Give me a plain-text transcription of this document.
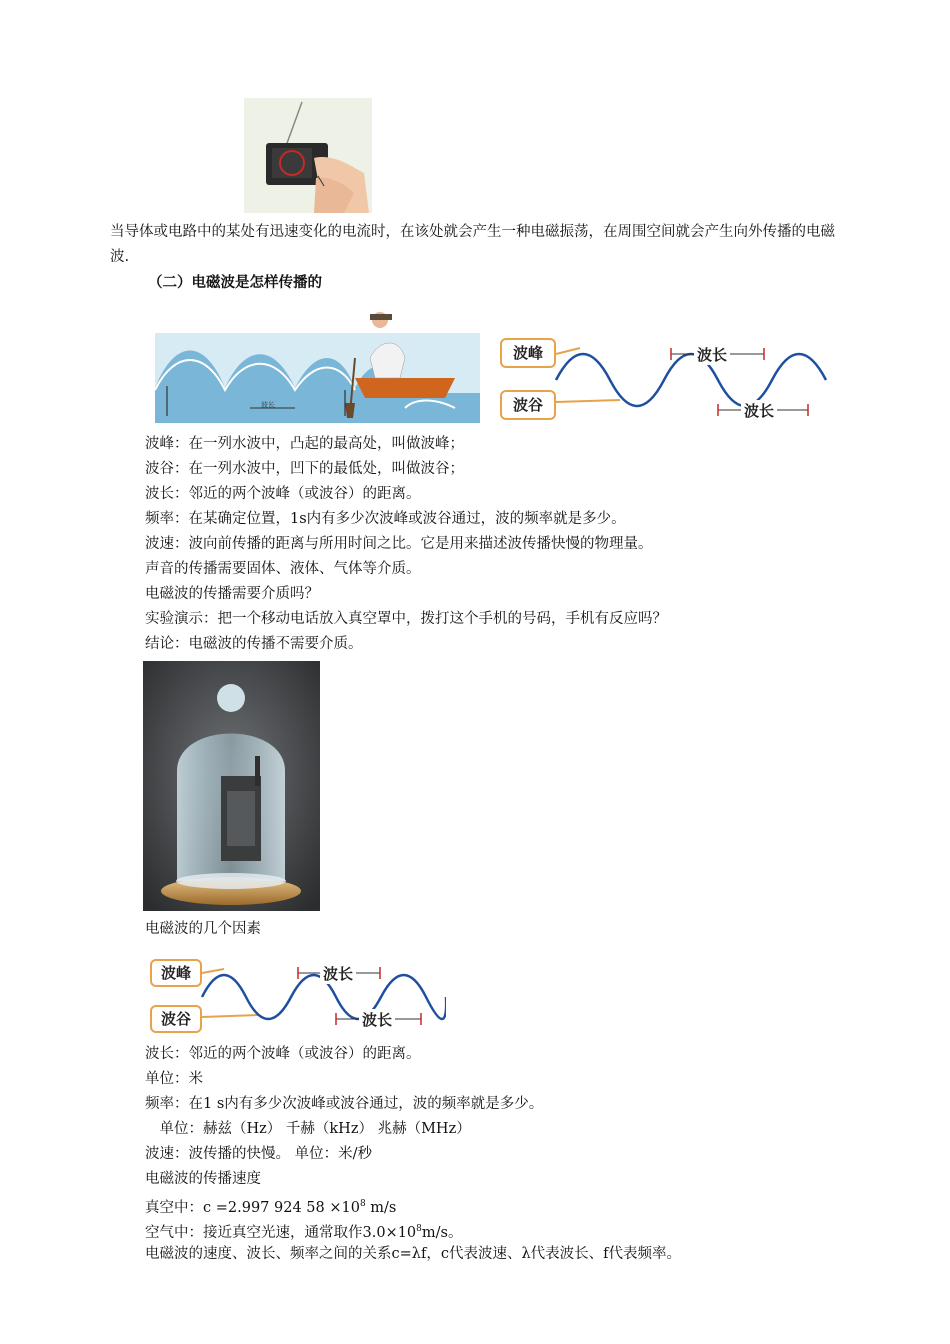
当导体或电路中的某处有迅速变化的电流时，在该处就会产生一种电磁振荡，在周围空间就会产生向外传播的电磁波.
（二）电磁波是怎样传播的
波长
波峰
波谷
波长
波长
波峰：在一列水波中，凸起的最高处，叫做波峰；
波谷：在一列水波中，凹下的最低处，叫做波谷；
波长：邻近的两个波峰（或波谷）的距离。
频率：在某确定位置，1s内有多少次波峰或波谷通过，波的频率就是多少。
波速：波向前传播的距离与所用时间之比。它是用来描述波传播快慢的物理量。
声音的传播需要固体、液体、气体等介质。
电磁波的传播需要介质吗？
实验演示：把一个移动电话放入真空罩中，拨打这个手机的号码，手机有反应吗？
结论：电磁波的传播不需要介质。
电磁波的几个因素
波峰
波谷
波长
波长
波长：邻近的两个波峰（或波谷）的距离。
单位：米
频率：在1 s内有多少次波峰或波谷通过，波的频率就是多少。
　单位：赫兹（Hz） 千赫（kHz） 兆赫（MHz）
波速：波传播的快慢。 单位：米/秒
电磁波的传播速度
真空中：c =2.997 924 $58 \times 10^8$ m/s
空气中：接近真空光速，通常取作$3.0\times 10^8m/s$。
电磁波的速度、波长、频率之间的关系c=λf，c代表波速、λ代表波长、f代表频率。
